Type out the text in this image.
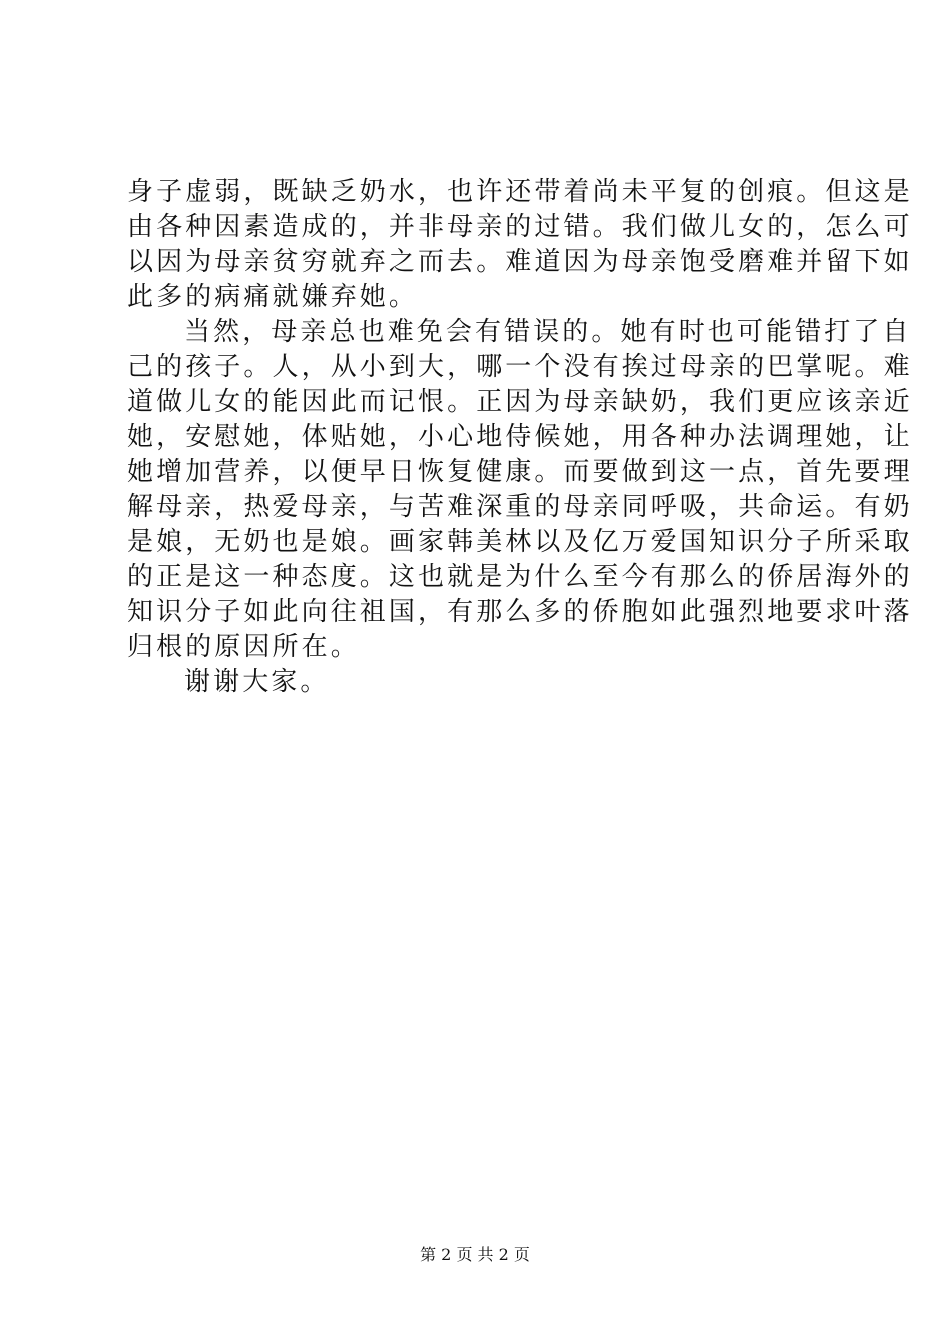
身子虚弱，既缺乏奶水，也许还带着尚未平复的创痕。但这是
由各种因素造成的，并非母亲的过错。我们做儿女的，怎么可
以因为母亲贫穷就弃之而去。难道因为母亲饱受磨难并留下如
此多的病痛就嫌弃她。
当然，母亲总也难免会有错误的。她有时也可能错打了自
己的孩子。人，从小到大，哪一个没有挨过母亲的巴掌呢。难
道做儿女的能因此而记恨。正因为母亲缺奶，我们更应该亲近
她，安慰她，体贴她，小心地侍候她，用各种办法调理她，让
她增加营养，以便早日恢复健康。而要做到这一点，首先要理
解母亲，热爱母亲，与苦难深重的母亲同呼吸，共命运。有奶
是娘，无奶也是娘。画家韩美林以及亿万爱国知识分子所采取
的正是这一种态度。这也就是为什么至今有那么的侨居海外的
知识分子如此向往祖国，有那么多的侨胞如此强烈地要求叶落
归根的原因所在。
谢谢大家。
第 2 页 共 2 页
